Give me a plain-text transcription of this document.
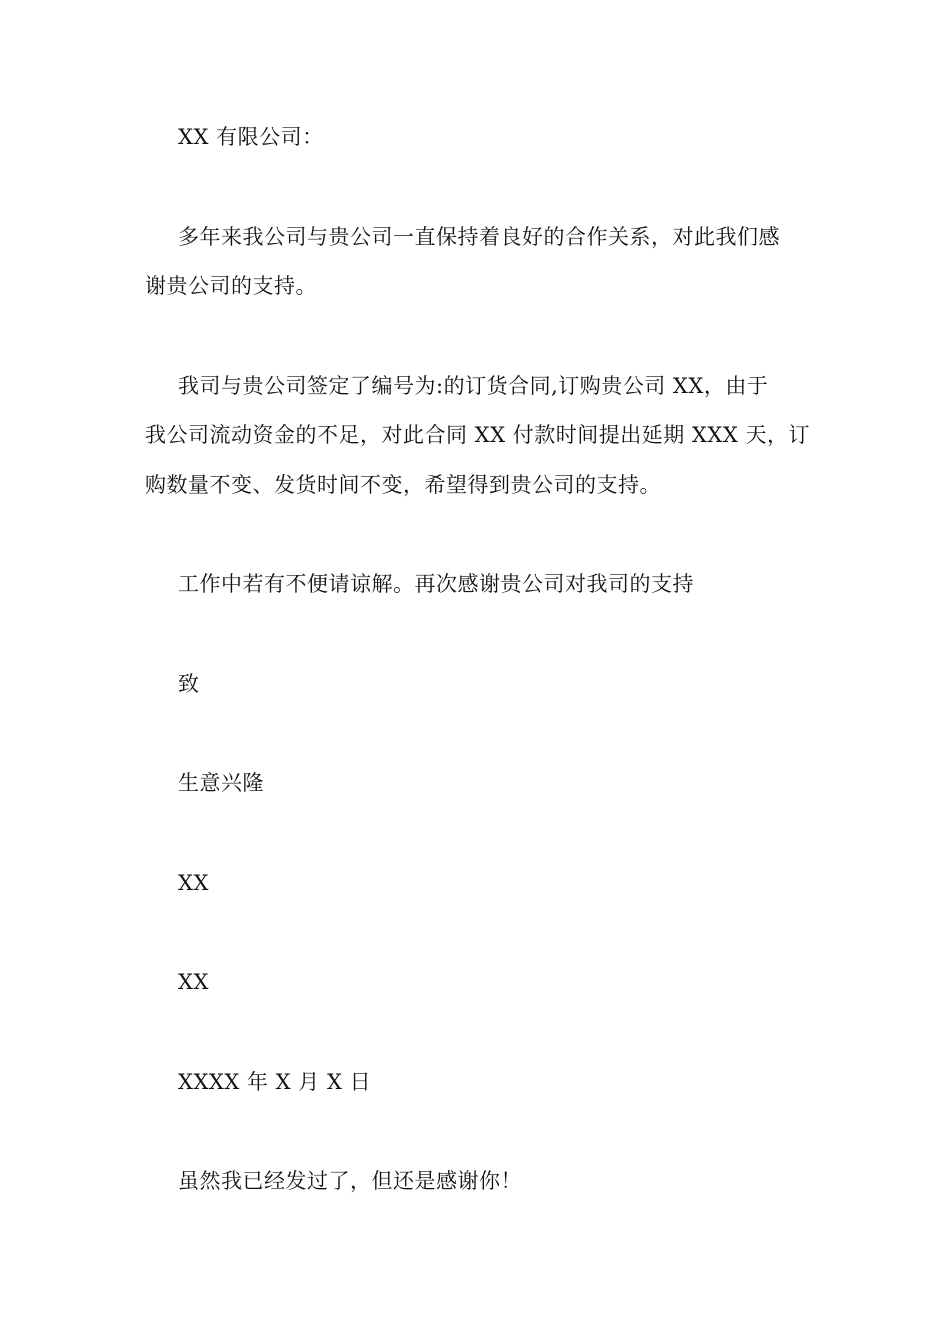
XX 有限公司：
多年来我公司与贵公司一直保持着良好的合作关系，对此我们感
谢贵公司的支持。
我司与贵公司签定了编号为:的订货合同,订购贵公司 XX，由于
我公司流动资金的不足，对此合同 XX 付款时间提出延期 XXX 天，订
购数量不变、发货时间不变，希望得到贵公司的支持。
工作中若有不便请谅解。再次感谢贵公司对我司的支持
致
生意兴隆
XX
XX
XXXX 年 X 月 X 日
虽然我已经发过了，但还是感谢你！
